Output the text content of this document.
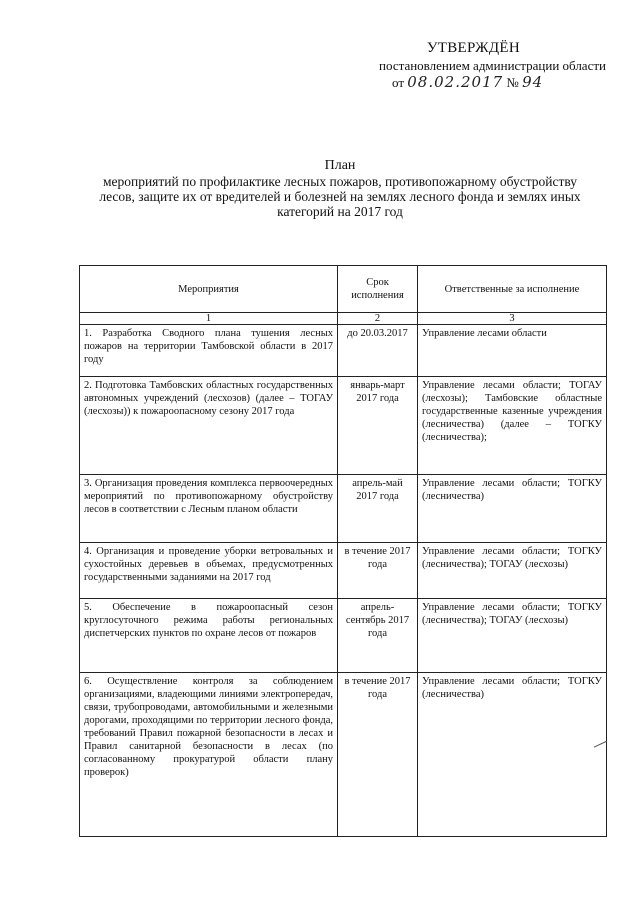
УТВЕРЖДЁН
постановлением администрации области
от 08.02.2017 № 94
План
мероприятий по профилактике лесных пожаров, противопожарному обустройству лесов, защите их от вредителей и болезней на землях лесного фонда и землях иных категорий на 2017 год
Мероприятия	Срок исполнения	Ответственные за исполнение
1	2	3
1. Разработка Сводного плана тушения лесных пожаров на территории Тамбовской области в 2017 году	до 20.03.2017	Управление лесами области
2. Подготовка Тамбовских областных государственных автономных учреждений (лесхозов) (далее – ТОГАУ (лесхозы)) к пожароопасному сезону 2017 года	январь-март 2017 года	Управление лесами области; ТОГАУ (лесхозы); Тамбовские областные государственные казенные учреждения (лесничества) (далее – ТОГКУ (лесничества);
3. Организация проведения комплекса первоочередных мероприятий по противопожарному обустройству лесов в соответствии с Лесным планом области	апрель-май 2017 года	Управление лесами области; ТОГКУ (лесничества)
4. Организация и проведение уборки ветровальных и сухостойных деревьев в объемах, предусмотренных государственными заданиями на 2017 год	в течение 2017 года	Управление лесами области; ТОГКУ (лесничества); ТОГАУ (лесхозы)
5. Обеспечение в пожароопасный сезон круглосуточного режима работы региональных диспетчерских пунктов по охране лесов от пожаров	апрель-сентябрь 2017 года	Управление лесами области; ТОГКУ (лесничества); ТОГАУ (лесхозы)
6. Осуществление контроля за соблюдением организациями, владеющими линиями электропередач, связи, трубопроводами, автомобильными и железными дорогами, проходящими по территории лесного фонда, требований Правил пожарной безопасности в лесах и Правил санитарной безопасности в лесах (по согласованному прокуратурой области плану проверок)	в течение 2017 года	Управление лесами области; ТОГКУ (лесничества)
